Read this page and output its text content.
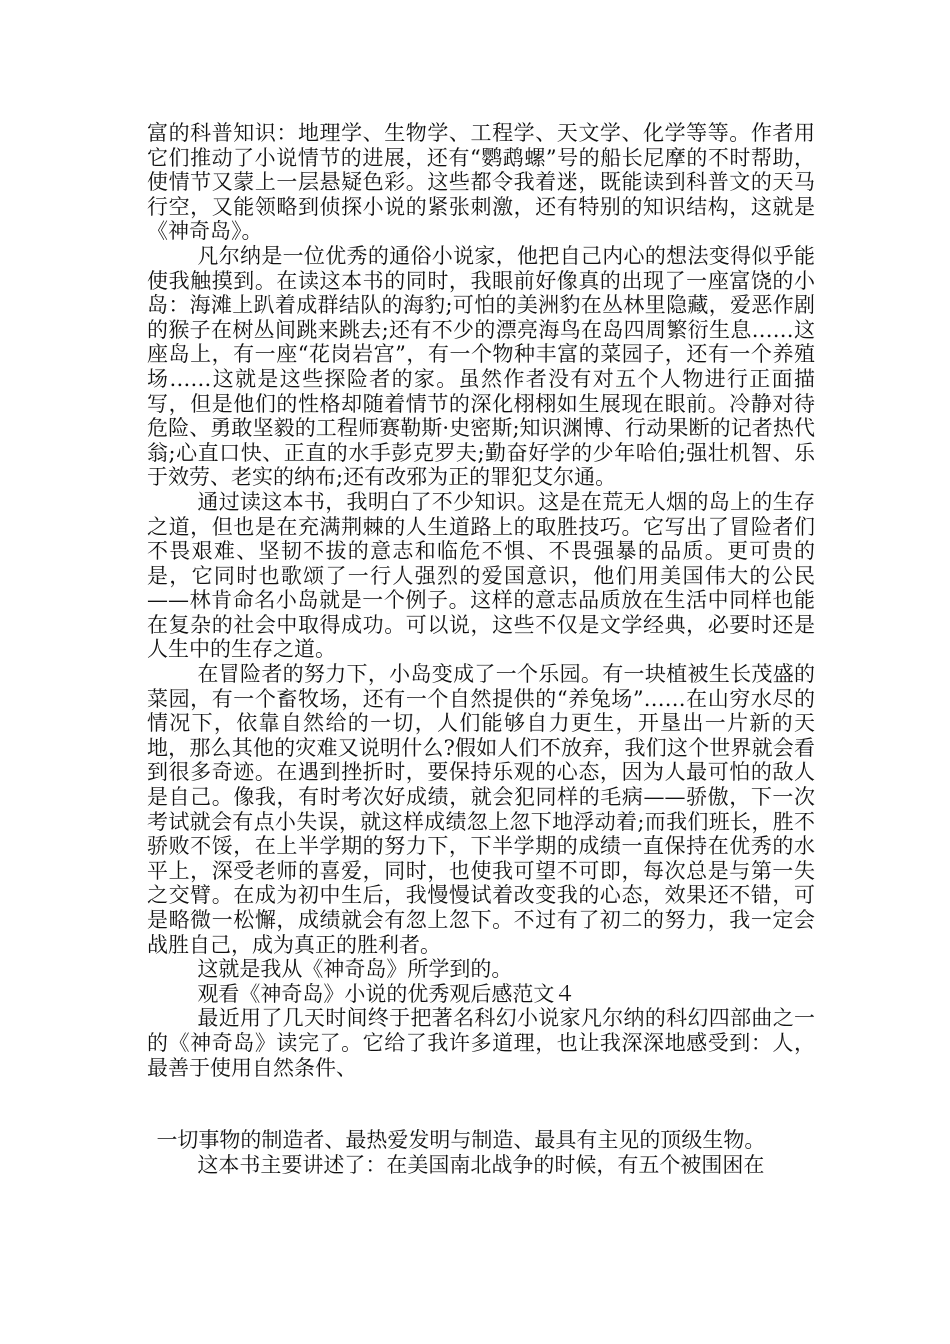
富的科普知识：地理学、生物学、工程学、天文学、化学等等。作者用它们推动了小说情节的进展，还有“鹦鹉螺”号的船长尼摩的不时帮助，使情节又蒙上一层悬疑色彩。这些都令我着迷，既能读到科普文的天马行空，又能领略到侦探小说的紧张刺激，还有特别的知识结构，这就是《神奇岛》。

凡尔纳是一位优秀的通俗小说家，他把自己内心的想法变得似乎能使我触摸到。在读这本书的同时，我眼前好像真的出现了一座富饶的小岛：海滩上趴着成群结队的海豹;可怕的美洲豹在丛林里隐藏，爱恶作剧的猴子在树丛间跳来跳去;还有不少的漂亮海鸟在岛四周繁衍生息……这座岛上，有一座“花岗岩宫”，有一个物种丰富的菜园子，还有一个养殖场……这就是这些探险者的家。虽然作者没有对五个人物进行正面描写，但是他们的性格却随着情节的深化栩栩如生展现在眼前。冷静对待危险、勇敢坚毅的工程师赛勒斯·史密斯;知识渊博、行动果断的记者热代翁;心直口快、正直的水手彭克罗夫;勤奋好学的少年哈伯;强壮机智、乐于效劳、老实的纳布;还有改邪为正的罪犯艾尔通。

通过读这本书，我明白了不少知识。这是在荒无人烟的岛上的生存之道，但也是在充满荆棘的人生道路上的取胜技巧。它写出了冒险者们不畏艰难、坚韧不拔的意志和临危不惧、不畏强暴的品质。更可贵的是，它同时也歌颂了一行人强烈的爱国意识，他们用美国伟大的公民——林肯命名小岛就是一个例子。这样的意志品质放在生活中同样也能在复杂的社会中取得成功。可以说，这些不仅是文学经典，必要时还是人生中的生存之道。

在冒险者的努力下，小岛变成了一个乐园。有一块植被生长茂盛的菜园，有一个畜牧场，还有一个自然提供的“养兔场”……在山穷水尽的情况下，依靠自然给的一切，人们能够自力更生，开垦出一片新的天地，那么其他的灾难又说明什么?假如人们不放弃，我们这个世界就会看到很多奇迹。在遇到挫折时，要保持乐观的心态，因为人最可怕的敌人是自己。像我，有时考次好成绩，就会犯同样的毛病——骄傲，下一次考试就会有点小失误，就这样成绩忽上忽下地浮动着;而我们班长，胜不骄败不馁，在上半学期的努力下，下半学期的成绩一直保持在优秀的水平上，深受老师的喜爱，同时，也使我可望不可即，每次总是与第一失之交臂。在成为初中生后，我慢慢试着改变我的心态，效果还不错，可是略微一松懈，成绩就会有忽上忽下。不过有了初二的努力，我一定会战胜自己，成为真正的胜利者。

这就是我从《神奇岛》所学到的。

观看《神奇岛》小说的优秀观后感范文４

最近用了几天时间终于把著名科幻小说家凡尔纳的科幻四部曲之一的《神奇岛》读完了。它给了我许多道理，也让我深深地感受到：人，最善于使用自然条件、

一切事物的制造者、最热爱发明与制造、最具有主见的顶级生物。

这本书主要讲述了：在美国南北战争的时候，有五个被围困在
